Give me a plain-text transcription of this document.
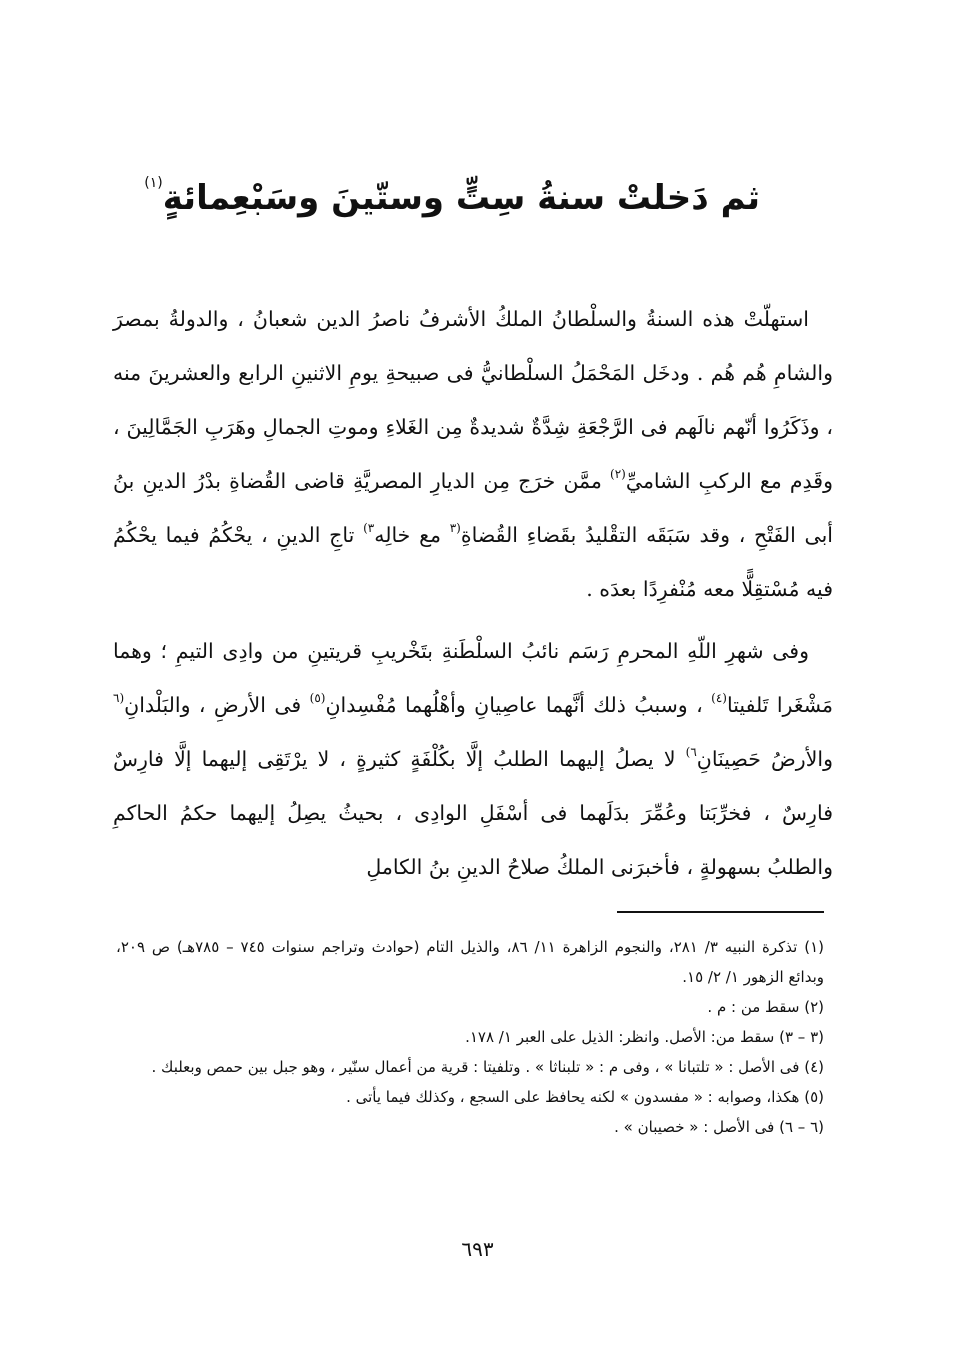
ثم دَخلتْ سنةُ سِتٍّ وستّينَ وسَبْعِمائةٍ$^{(١)}$

استهلّتْ هذه السنةُ والسلْطانُ الملكُ الأشرفُ ناصرُ الدين شعبانُ ، والدولةُ بمصرَ والشامِ هُم هُم . ودخَل المَحْمَلُ السلْطانيُّ فى صبيحةِ يومِ الاثنينِ الرابع والعشرينَ منه ، وذَكَرُوا أنّهم نالَهم فى الرَّجْعَةِ شِدَّةٌ شديدةٌ مِن الغَلاءِ وموتِ الجمالِ وهَرَبِ الجَمَّالِينَ ، وقَدِم مع الركبِ الشاميِّ$^{(٢)}$ ممَّن خرَج مِن الديارِ المصريَّةِ قاضى القُضاةِ بدْرُ الدينِ بنُ أبى الفَتْحِ ، وقد سَبَقَه التقْليدُ بقَضاءِ القُضاةِ$^{(٣}$ مع خالِه$^{٣)}$ تاجِ الدينِ ، يحْكُمُ فيما يحْكُمُ فيه مُسْتقِلًّا معه مُنْفرِدًا بعدَه .

وفى شهرِ اللّهِ المحرمِ رَسَم نائبُ السلْطَنةِ بتَخْريبِ قريتينِ من وادِى التيمِ ؛ وهما مَشْغَرا تَلفيتا$^{(٤)}$ ، وسببُ ذلك أنَّهما عاصِيانِ وأهْلُهما مُفْسِدانِ$^{(٥)}$ فى الأرضِ ، والبَلْدانِ$^{(٦}$ والأرضُ حَصِينَانِ$^{٦)}$ لا يصلُ إليهما الطلبُ إلَّا بكُلْفَةٍ كثيرةٍ ، لا يرْتَقِى إليهما إلَّا فارِسٌ فارِسٌ ، فخرِّبَتا وعُمِّرَ بدَلَهما فى أسْفَلِ الوادِى ، بحيثُ يصِلُ إليهما حكمُ الحاكمِ والطلبُ بسهولةٍ ، فأخبرَنى الملكُ صلاحُ الدينِ بنُ الكاملِ

(١) تذكرة النبيه ٣/ ٢٨١، والنجوم الزاهرة ١١/ ٨٦، والذيل التام (حوادث وتراجم سنوات ٧٤٥ – ٧٨٥هـ) ص ٢٠٩، وبدائع الزهور ١/ ٢/ ١٥.

(٢) سقط من : م .

(٣ – ٣) سقط من: الأصل. وانظر: الذيل على العبر ١/ ١٧٨.

(٤) فى الأصل : « تلتبانا » ، وفى م : « تلبناثا » . وتلفيتا : قرية من أعمال سنّير ، وهو جبل بين حمص وبعلبك .

(٥) هكذا، وصوابه : « مفسدون » لكنه يحافظ على السجع ، وكذلك فيما يأتى .

(٦ – ٦) فى الأصل : « خصيبان » .

٦٩٣
